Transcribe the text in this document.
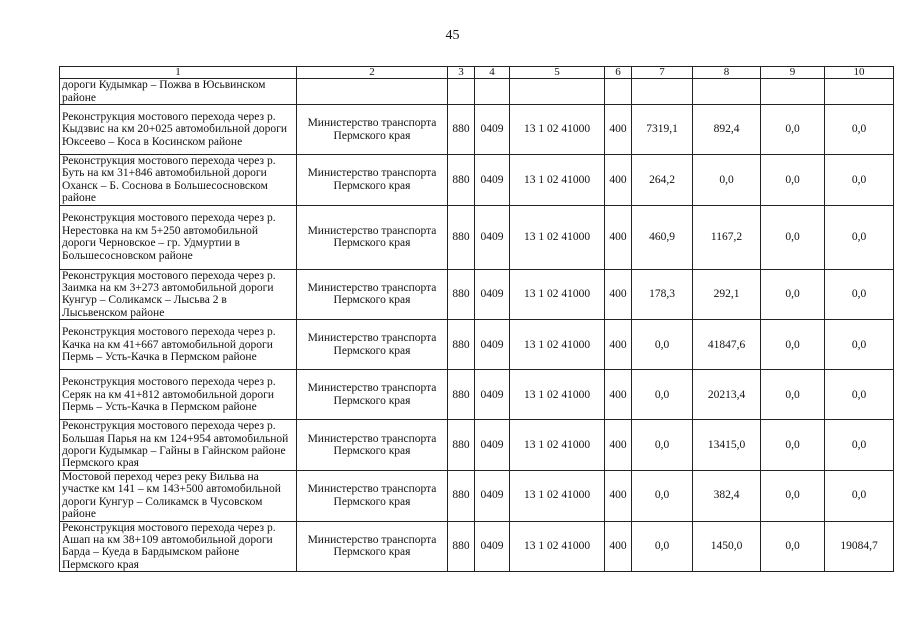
45
1	2	3	4	5	6	7	8	9	10
дороги Кудымкар – Пожва в Юсьвинском районе									
Реконструкция мостового перехода через р. Кыдзвис на км 20+025 автомобильной дороги Юксеево – Коса в Косинском районе	Министерство транспорта Пермского края	880	0409	13 1 02 41000	400	7319,1	892,4	0,0	0,0
Реконструкция мостового перехода через р. Буть на км 31+846 автомобильной дороги Оханск – Б. Соснова в Большесосновском районе	Министерство транспорта Пермского края	880	0409	13 1 02 41000	400	264,2	0,0	0,0	0,0
Реконструкция мостового перехода через р. Нерестовка на км 5+250 автомобильной дороги Черновское – гр. Удмуртии в Большесосновском районе	Министерство транспорта Пермского края	880	0409	13 1 02 41000	400	460,9	1167,2	0,0	0,0
Реконструкция мостового перехода через р. Заимка на км 3+273 автомобильной дороги Кунгур – Соликамск – Лысьва 2 в Лысьвенском районе	Министерство транспорта Пермского края	880	0409	13 1 02 41000	400	178,3	292,1	0,0	0,0
Реконструкция мостового перехода через р. Качка на км 41+667 автомобильной дороги Пермь – Усть-Качка в Пермском районе	Министерство транспорта Пермского края	880	0409	13 1 02 41000	400	0,0	41847,6	0,0	0,0
Реконструкция мостового перехода через р. Серяк на км 41+812 автомобильной дороги Пермь – Усть-Качка в Пермском районе	Министерство транспорта Пермского края	880	0409	13 1 02 41000	400	0,0	20213,4	0,0	0,0
Реконструкция мостового перехода через р. Большая Парья на км 124+954 автомобильной дороги Кудымкар – Гайны в Гайнском районе Пермского края	Министерство транспорта Пермского края	880	0409	13 1 02 41000	400	0,0	13415,0	0,0	0,0
Мостовой переход через реку Вильва на участке км 141 – км 143+500 автомобильной дороги Кунгур – Соликамск в Чусовском районе	Министерство транспорта Пермского края	880	0409	13 1 02 41000	400	0,0	382,4	0,0	0,0
Реконструкция мостового перехода через р. Ашап на км 38+109 автомобильной дороги Барда – Куеда в Бардымском районе Пермского края	Министерство транспорта Пермского края	880	0409	13 1 02 41000	400	0,0	1450,0	0,0	19084,7
